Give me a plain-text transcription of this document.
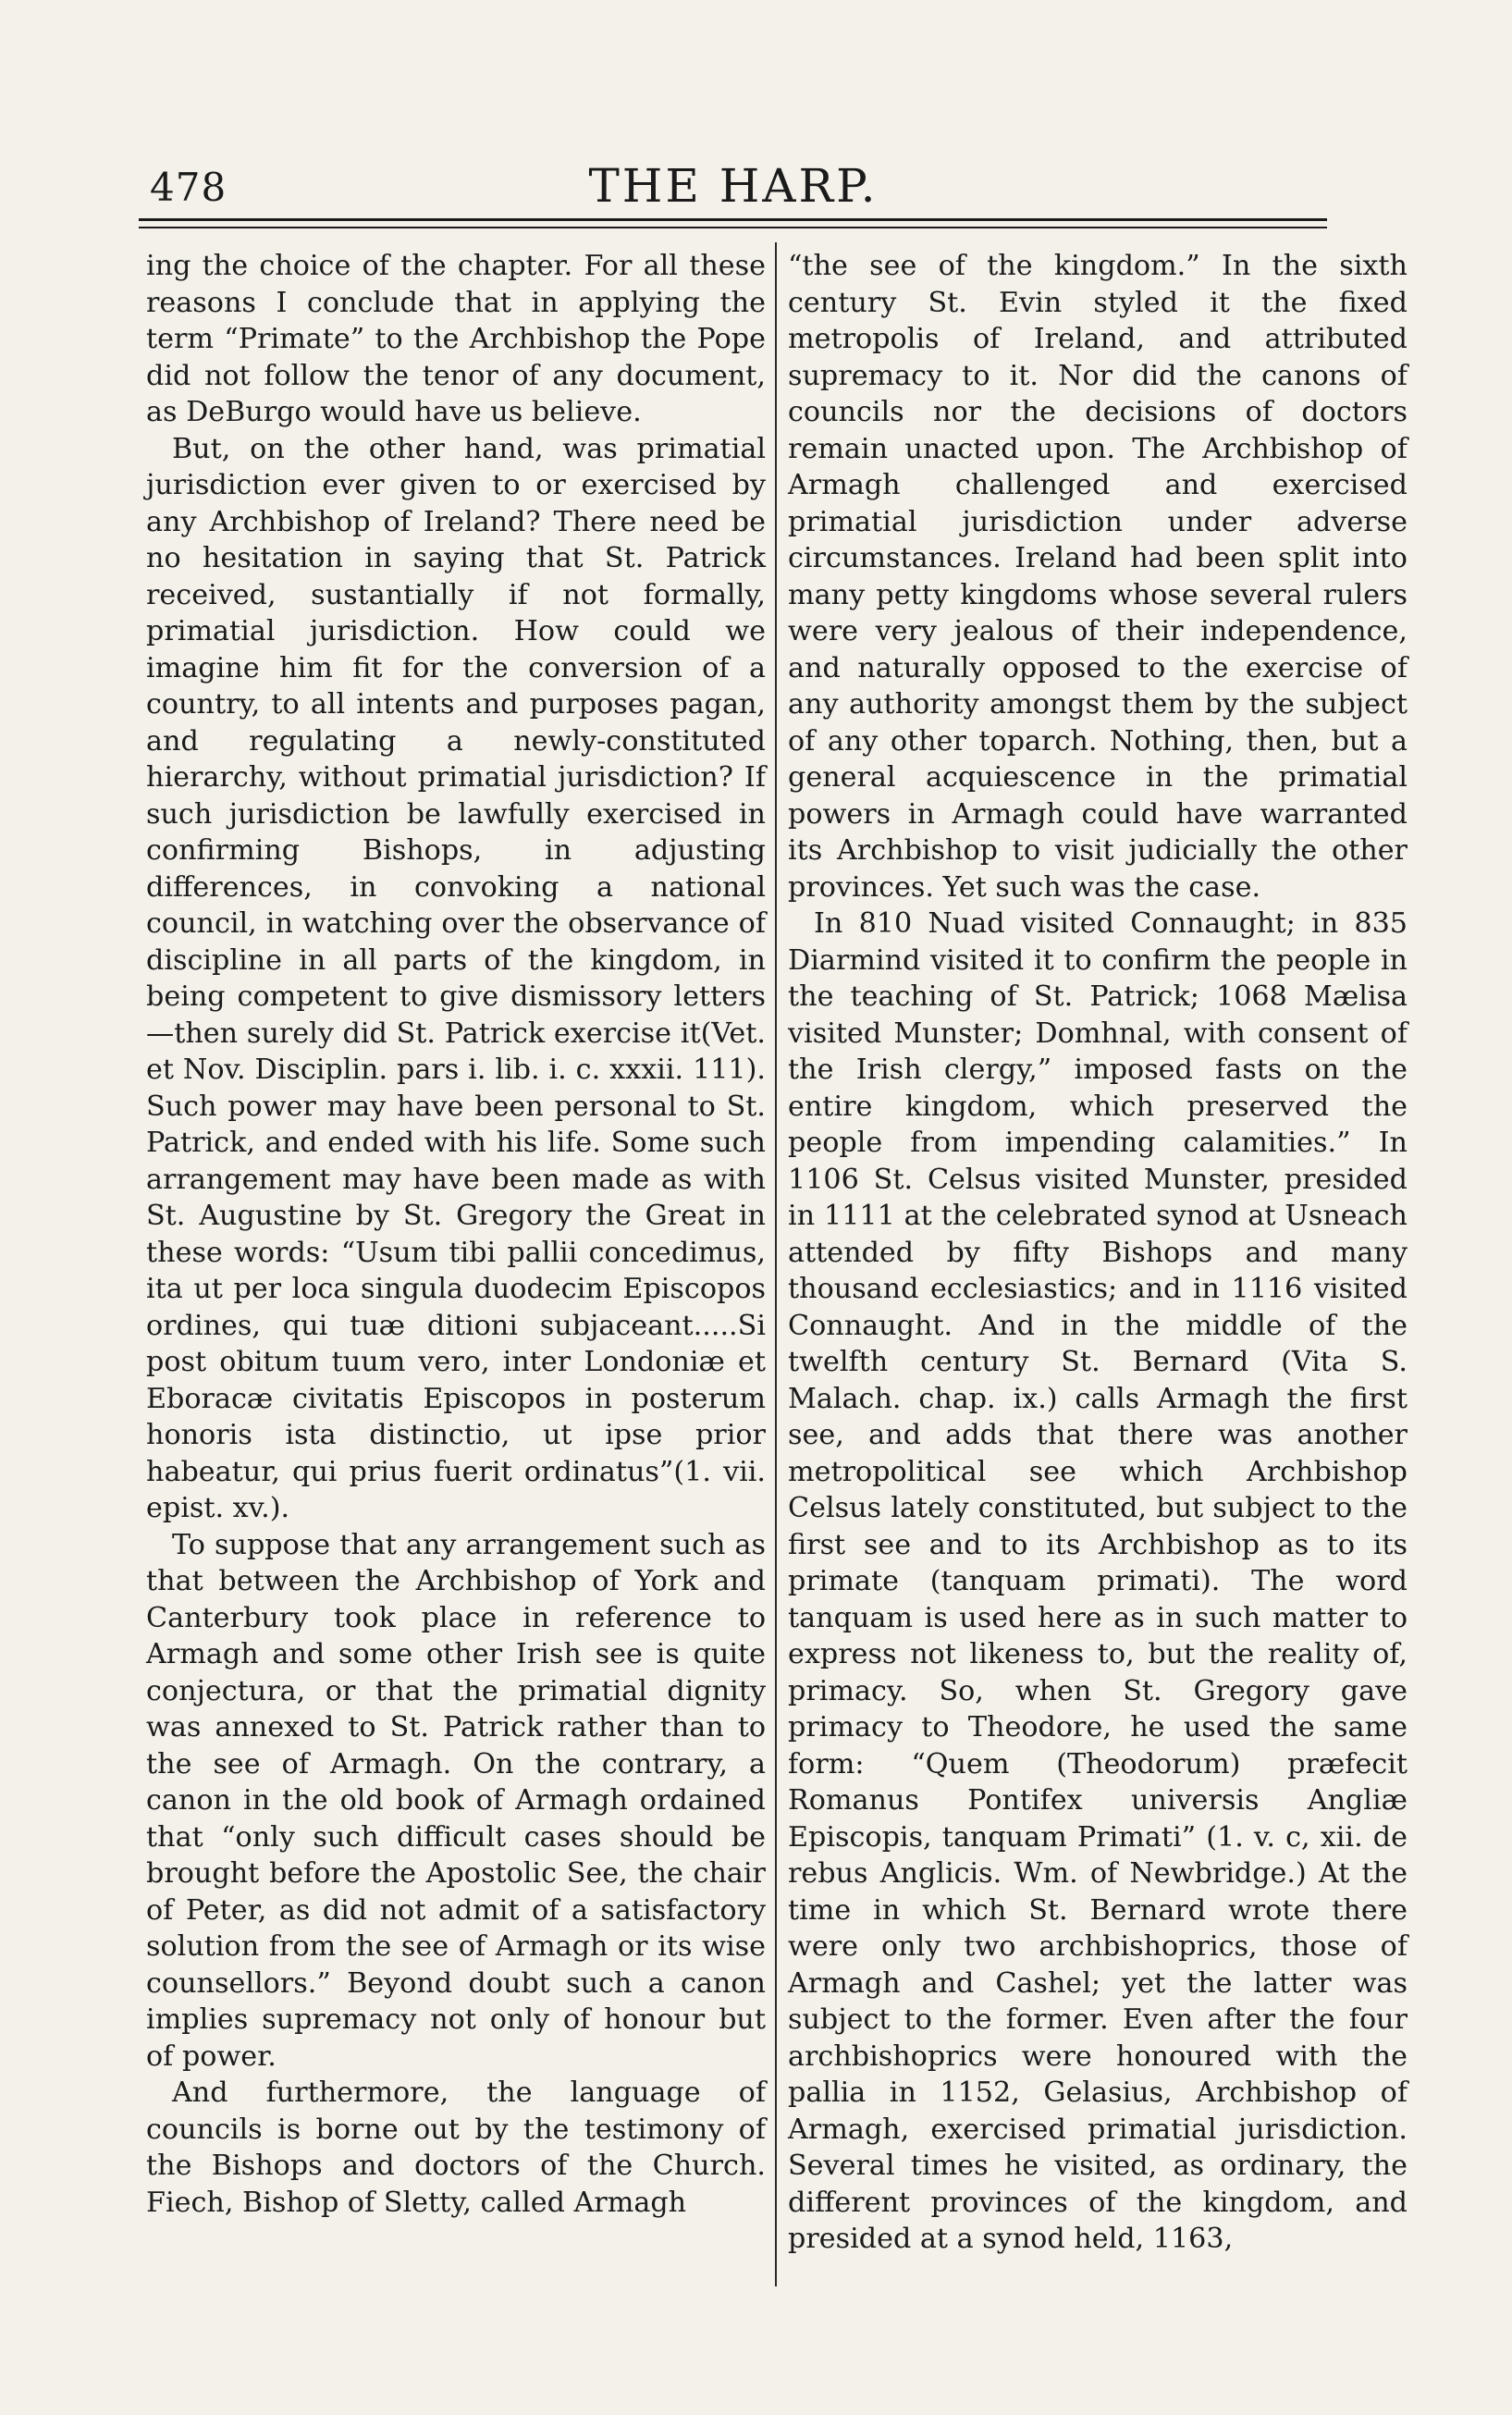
478	THE HARP.

ing the choice of the chapter. For all these reasons I conclude that in applying the term “Primate” to the Archbishop the Pope did not follow the tenor of any document, as DeBurgo would have us believe.

But, on the other hand, was primatial jurisdiction ever given to or exercised by any Archbishop of Ireland? There need be no hesitation in saying that St. Patrick received, sustantially if not formally, primatial jurisdiction. How could we imagine him fit for the conversion of a country, to all intents and purposes pagan, and regulating a newly-constituted hierarchy, without primatial jurisdiction? If such jurisdiction be lawfully exercised in confirming Bishops, in adjusting differences, in convoking a national council, in watching over the observance of discipline in all parts of the kingdom, in being competent to give dismissory letters—then surely did St. Patrick exercise it(Vet. et Nov. Disciplin. pars i. lib. i. c. xxxii. 111). Such power may have been personal to St. Patrick, and ended with his life. Some such arrangement may have been made as with St. Augustine by St. Gregory the Great in these words: “Usum tibi pallii concedimus, ita ut per loca singula duodecim Episcopos ordines, qui tuæ ditioni subjaceant.....Si post obitum tuum vero, inter Londoniæ et Eboracæ civitatis Episcopos in posterum honoris ista distinctio, ut ipse prior habeatur, qui prius fuerit ordinatus”(1. vii. epist. xv.).

To suppose that any arrangement such as that between the Archbishop of York and Canterbury took place in reference to Armagh and some other Irish see is quite conjectura, or that the primatial dignity was annexed to St. Patrick rather than to the see of Armagh. On the contrary, a canon in the old book of Armagh ordained that “only such difficult cases should be brought before the Apostolic See, the chair of Peter, as did not admit of a satisfactory solution from the see of Armagh or its wise counsellors.” Beyond doubt such a canon implies supremacy not only of honour but of power.

And furthermore, the language of councils is borne out by the testimony of the Bishops and doctors of the Church. Fiech, Bishop of Sletty, called Armagh

“the see of the kingdom.” In the sixth century St. Evin styled it the fixed metropolis of Ireland, and attributed supremacy to it. Nor did the canons of councils nor the decisions of doctors remain unacted upon. The Archbishop of Armagh challenged and exercised primatial jurisdiction under adverse circumstances. Ireland had been split into many petty kingdoms whose several rulers were very jealous of their independence, and naturally opposed to the exercise of any authority amongst them by the subject of any other toparch. Nothing, then, but a general acquiescence in the primatial powers in Armagh could have warranted its Archbishop to visit judicially the other provinces. Yet such was the case.

In 810 Nuad visited Connaught; in 835 Diarmind visited it to confirm the people in the teaching of St. Patrick; 1068 Mælisa visited Munster; Domhnal, with consent of the Irish clergy,” imposed fasts on the entire kingdom, which preserved the people from impending calamities.” In 1106 St. Celsus visited Munster, presided in 1111 at the celebrated synod at Usneach attended by fifty Bishops and many thousand ecclesiastics; and in 1116 visited Connaught. And in the middle of the twelfth century St. Bernard (Vita S. Malach. chap. ix.) calls Armagh the first see, and adds that there was another metropolitical see which Archbishop Celsus lately constituted, but subject to the first see and to its Archbishop as to its primate (tanquam primati). The word tanquam is used here as in such matter to express not likeness to, but the reality of, primacy. So, when St. Gregory gave primacy to Theodore, he used the same form: “Quem (Theodorum) præfecit Romanus Pontifex universis Angliæ Episcopis, tanquam Primati” (1. v. c, xii. de rebus Anglicis. Wm. of Newbridge.) At the time in which St. Bernard wrote there were only two archbishoprics, those of Armagh and Cashel; yet the latter was subject to the former. Even after the four archbishoprics were honoured with the pallia in 1152, Gelasius, Archbishop of Armagh, exercised primatial jurisdiction. Several times he visited, as ordinary, the different provinces of the kingdom, and presided at a synod held, 1163,
